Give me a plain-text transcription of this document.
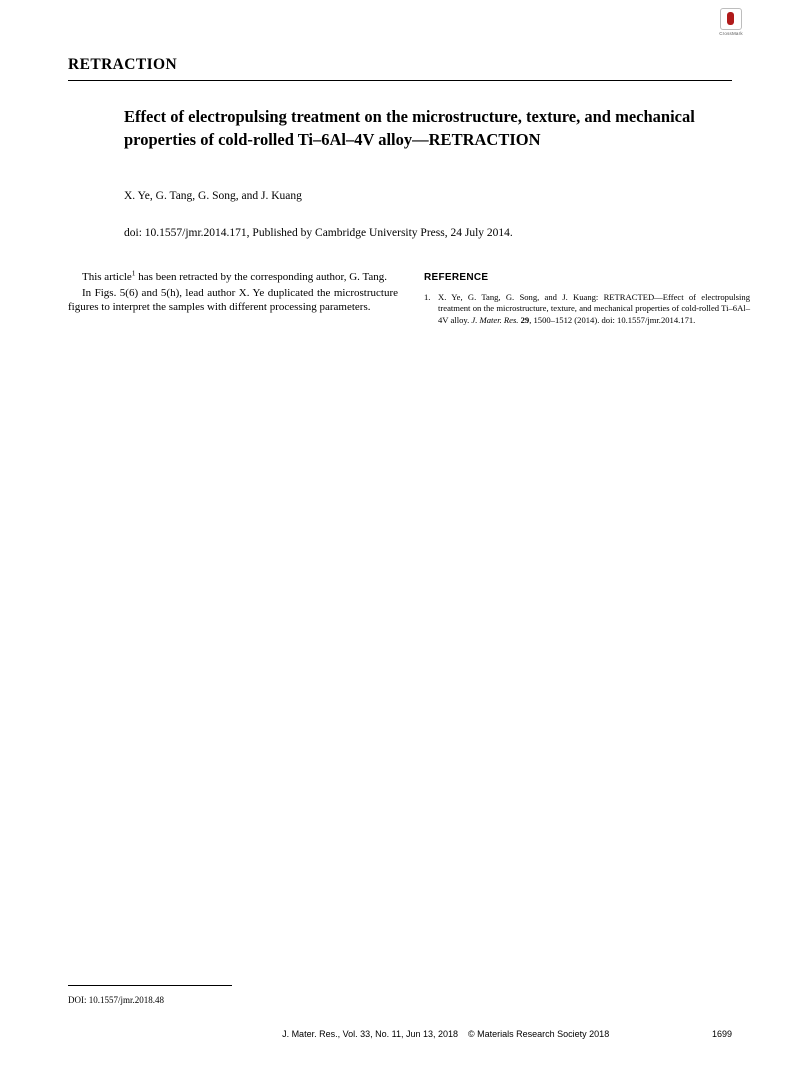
CrossMark
RETRACTION
Effect of electropulsing treatment on the microstructure, texture, and mechanical properties of cold-rolled Ti–6Al–4V alloy—RETRACTION
X. Ye, G. Tang, G. Song, and J. Kuang
doi: 10.1557/jmr.2014.171, Published by Cambridge University Press, 24 July 2014.

This article$^1$ has been retracted by the corresponding author, G. Tang.

In Figs. 5(6) and 5(h), lead author X. Ye duplicated the microstructure figures to interpret the samples with different processing parameters.

REFERENCE
1. X. Ye, G. Tang, G. Song, and J. Kuang: RETRACTED—Effect of electropulsing treatment on the microstructure, texture, and mechanical properties of cold-rolled Ti–6Al–4V alloy. J. Mater. Res. 29, 1500–1512 (2014). doi: 10.1557/jmr.2014.171.
DOI: 10.1557/jmr.2018.48
J. Mater. Res., Vol. 33, No. 11, Jun 13, 2018 © Materials Research Society 2018	1699
